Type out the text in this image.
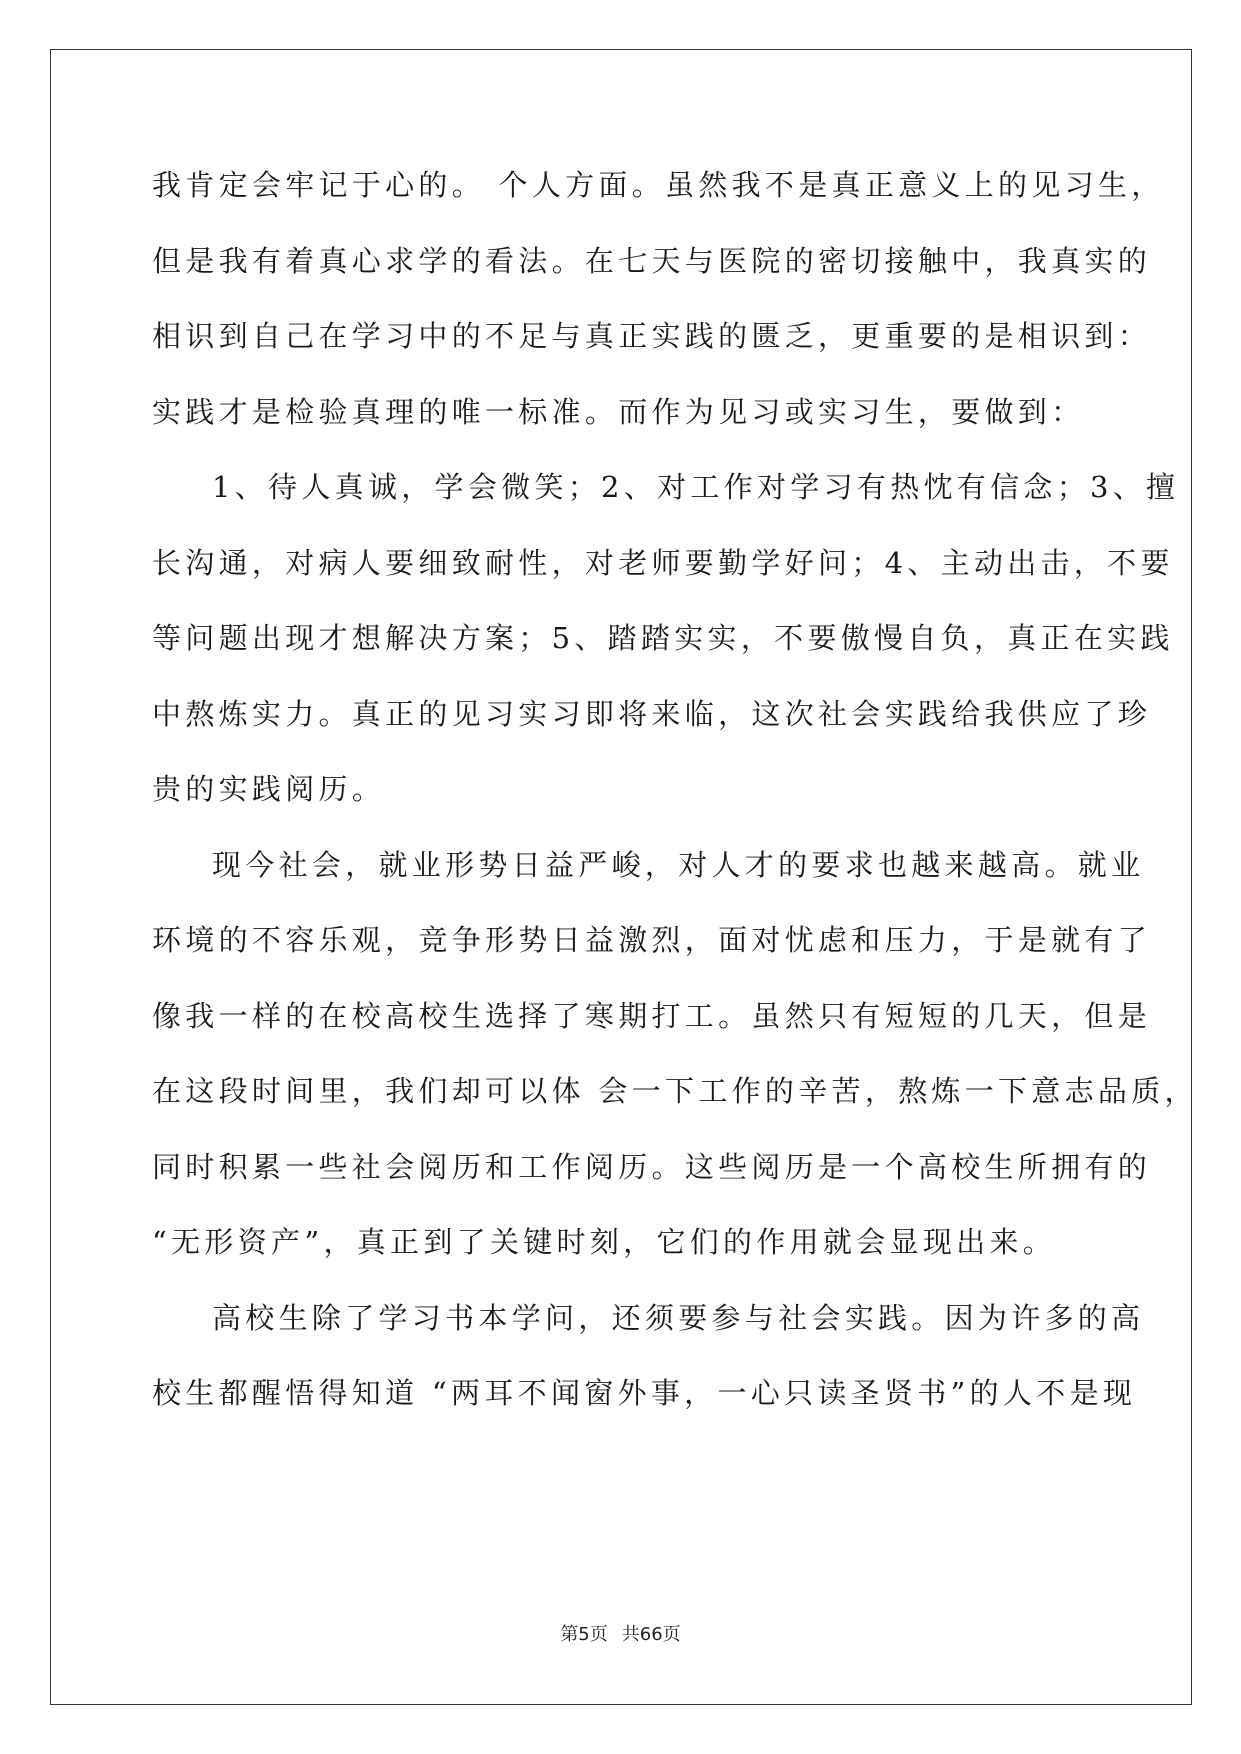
我肯定会牢记于心的。 个人方面。虽然我不是真正意义上的见习生，
但是我有着真心求学的看法。在七天与医院的密切接触中，我真实的
相识到自己在学习中的不足与真正实践的匮乏，更重要的是相识到：
实践才是检验真理的唯一标准。而作为见习或实习生，要做到：
1、待人真诚，学会微笑；2、对工作对学习有热忱有信念；3、擅
长沟通，对病人要细致耐性，对老师要勤学好问；4、主动出击，不要
等问题出现才想解决方案；5、踏踏实实，不要傲慢自负，真正在实践
中熬炼实力。真正的见习实习即将来临，这次社会实践给我供应了珍
贵的实践阅历。
现今社会，就业形势日益严峻，对人才的要求也越来越高。就业
环境的不容乐观，竞争形势日益激烈，面对忧虑和压力，于是就有了
像我一样的在校高校生选择了寒期打工。虽然只有短短的几天，但是
在这段时间里，我们却可以体 会一下工作的辛苦，熬炼一下意志品质，
同时积累一些社会阅历和工作阅历。这些阅历是一个高校生所拥有的
“无形资产”，真正到了关键时刻，它们的作用就会显现出来。
高校生除了学习书本学问，还须要参与社会实践。因为许多的高
校生都醒悟得知道 “两耳不闻窗外事，一心只读圣贤书”的人不是现
第5页 共66页
